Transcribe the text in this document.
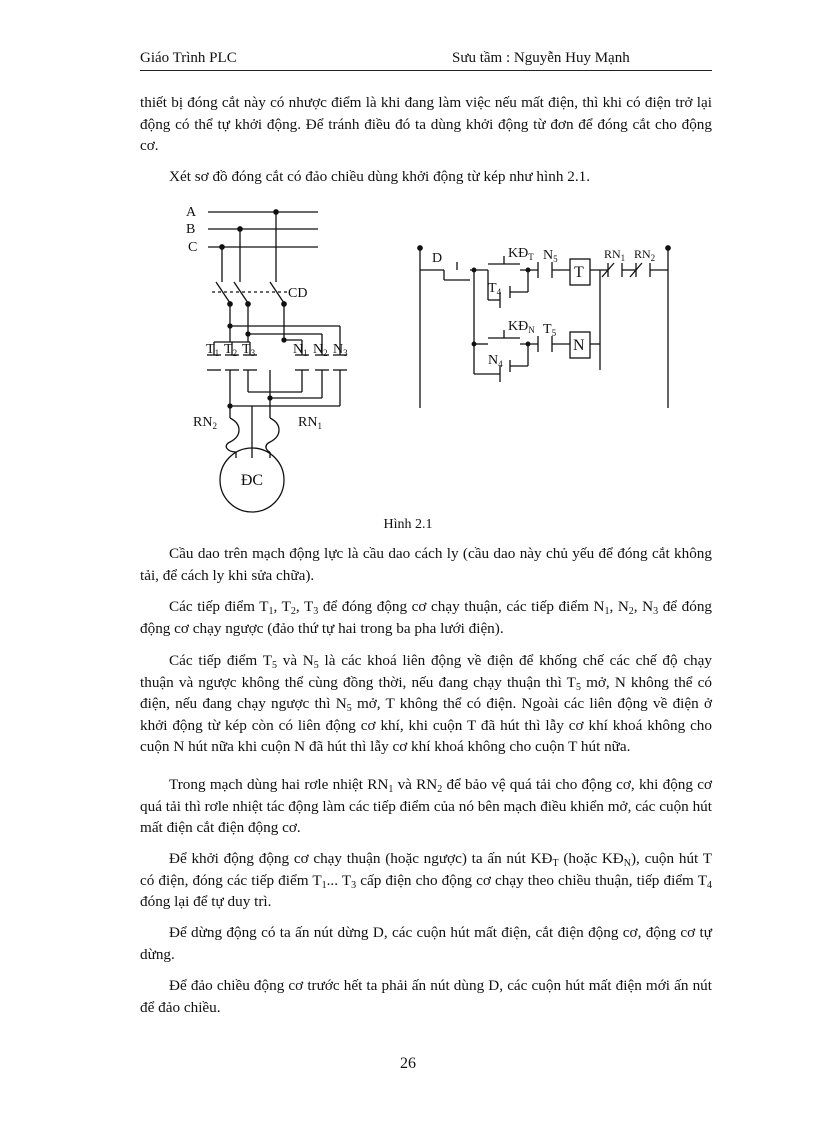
Giáo Trình PLC	Sưu tầm : Nguyễn Huy Mạnh

thiết bị đóng cắt này có nhược điểm là khi đang làm việc nếu mất điện, thì khi có điện trở lại động có thể tự khởi động. Để tránh điều đó ta dùng khởi động từ đơn để đóng cắt cho động cơ.

Xét sơ đồ đóng cắt có đảo chiều dùng khởi động từ kép như hình 2.1.

A
B
C
CD
$T_1$ $T_2$ $T_3$	$N_1$ $N_2$ $N_3$
$RN_2$	$RN_1$
ĐC
D	$KĐ_T$ $N_5$
T
$RN_1$ $RN_2$
$T_4$
$KĐ_N$ $T_5$
N
$N_4$
Hình 2.1

Cầu dao trên mạch động lực là cầu dao cách ly (cầu dao này chủ yếu để đóng cắt không tải, để cách ly khi sửa chữa).

Các tiếp điểm $T_1$, $T_2$, $T_3$ để đóng động cơ chạy thuận, các tiếp điểm $N_1$, $N_2$, $N_3$ để đóng động cơ chạy ngược (đảo thứ tự hai trong ba pha lưới điện).

Các tiếp điểm $T_5$ và $N_5$ là các khoá liên động về điện để khống chế các chế độ chạy thuận và ngược không thể cùng đồng thời, nếu đang chạy thuận thì $T_5$ mở, N không thể có điện, nếu đang chạy ngược thì $N_5$ mở, T không thể có điện. Ngoài các liên động về điện ở khởi động từ kép còn có liên động cơ khí, khi cuộn T đã hút thì lẫy cơ khí khoá không cho cuộn N hút nữa khi cuộn N đã hút thì lẫy cơ khí khoá không cho cuộn T hút nữa.

Trong mạch dùng hai rơle nhiệt $RN_1$ và $RN_2$ để bảo vệ quá tải cho động cơ, khi động cơ quá tải thì rơle nhiệt tác động làm các tiếp điểm của nó bên mạch điều khiển mở, các cuộn hút mất điện cắt điện động cơ.

Để khởi động động cơ chạy thuận (hoặc ngược) ta ấn nút $KĐ_T$ (hoặc $KĐ_N$), cuộn hút T có điện, đóng các tiếp điểm $T_1$... $T_3$ cấp điện cho động cơ chạy theo chiều thuận, tiếp điểm $T_4$ đóng lại để tự duy trì.

Để dừng động có ta ấn nút dừng D, các cuộn hút mất điện, cắt điện động cơ, động cơ tự dừng.

Để đảo chiều động cơ trước hết ta phải ấn nút dùng D, các cuộn hút mất điện mới ấn nút để đảo chiều.

26
